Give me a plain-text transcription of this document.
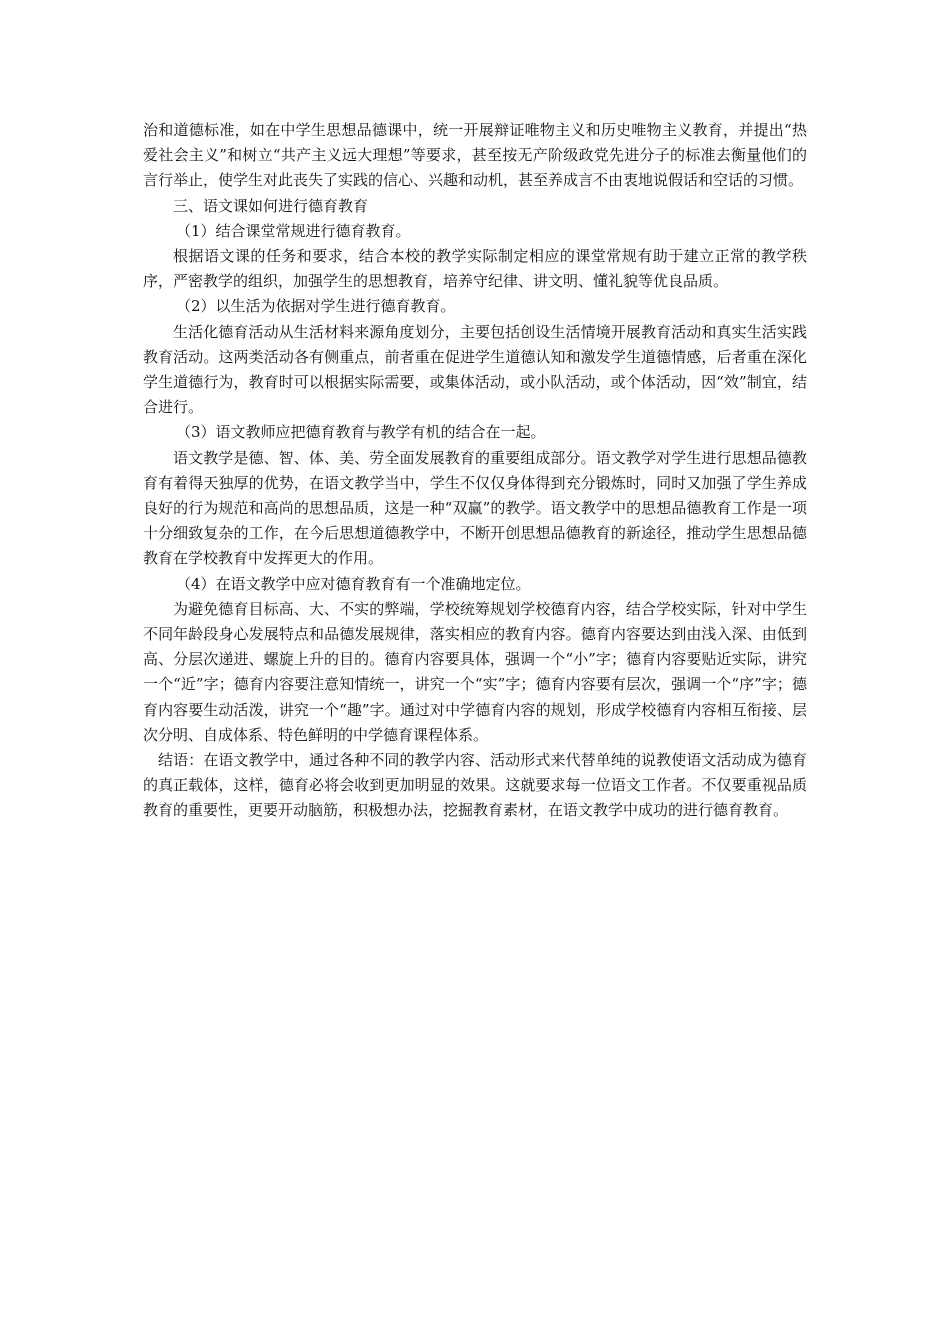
治和道德标准，如在中学生思想品德课中，统一开展辩证唯物主义和历史唯物主义教育，并提出“热爱社会主义”和树立“共产主义远大理想”等要求，甚至按无产阶级政党先进分子的标准去衡量他们的言行举止，使学生对此丧失了实践的信心、兴趣和动机，甚至养成言不由衷地说假话和空话的习惯。

三、语文课如何进行德育教育

（1）结合课堂常规进行德育教育。

根据语文课的任务和要求，结合本校的教学实际制定相应的课堂常规有助于建立正常的教学秩序，严密教学的组织，加强学生的思想教育，培养守纪律、讲文明、懂礼貌等优良品质。

（2）以生活为依据对学生进行德育教育。

生活化德育活动从生活材料来源角度划分，主要包括创设生活情境开展教育活动和真实生活实践教育活动。这两类活动各有侧重点，前者重在促进学生道德认知和激发学生道德情感，后者重在深化学生道德行为，教育时可以根据实际需要，或集体活动，或小队活动，或个体活动，因“效”制宜，结合进行。

（3）语文教师应把德育教育与教学有机的结合在一起。

语文教学是德、智、体、美、劳全面发展教育的重要组成部分。语文教学对学生进行思想品德教育有着得天独厚的优势，在语文教学当中，学生不仅仅身体得到充分锻炼时，同时又加强了学生养成良好的行为规范和高尚的思想品质，这是一种“双赢”的教学。语文教学中的思想品德教育工作是一项十分细致复杂的工作，在今后思想道德教学中，不断开创思想品德教育的新途径，推动学生思想品德教育在学校教育中发挥更大的作用。

（4）在语文教学中应对德育教育有一个准确地定位。

为避免德育目标高、大、不实的弊端，学校统筹规划学校德育内容，结合学校实际，针对中学生不同年龄段身心发展特点和品德发展规律，落实相应的教育内容。德育内容要达到由浅入深、由低到高、分层次递进、螺旋上升的目的。德育内容要具体，强调一个“小”字；德育内容要贴近实际，讲究一个“近”字；德育内容要注意知情统一，讲究一个“实”字；德育内容要有层次，强调一个“序”字；德育内容要生动活泼，讲究一个“趣”字。通过对中学德育内容的规划，形成学校德育内容相互衔接、层次分明、自成体系、特色鲜明的中学德育课程体系。

结语：在语文教学中，通过各种不同的教学内容、活动形式来代替单纯的说教使语文活动成为德育的真正载体，这样，德育必将会收到更加明显的效果。这就要求每一位语文工作者。不仅要重视品质教育的重要性，更要开动脑筋，积极想办法，挖掘教育素材，在语文教学中成功的进行德育教育。
